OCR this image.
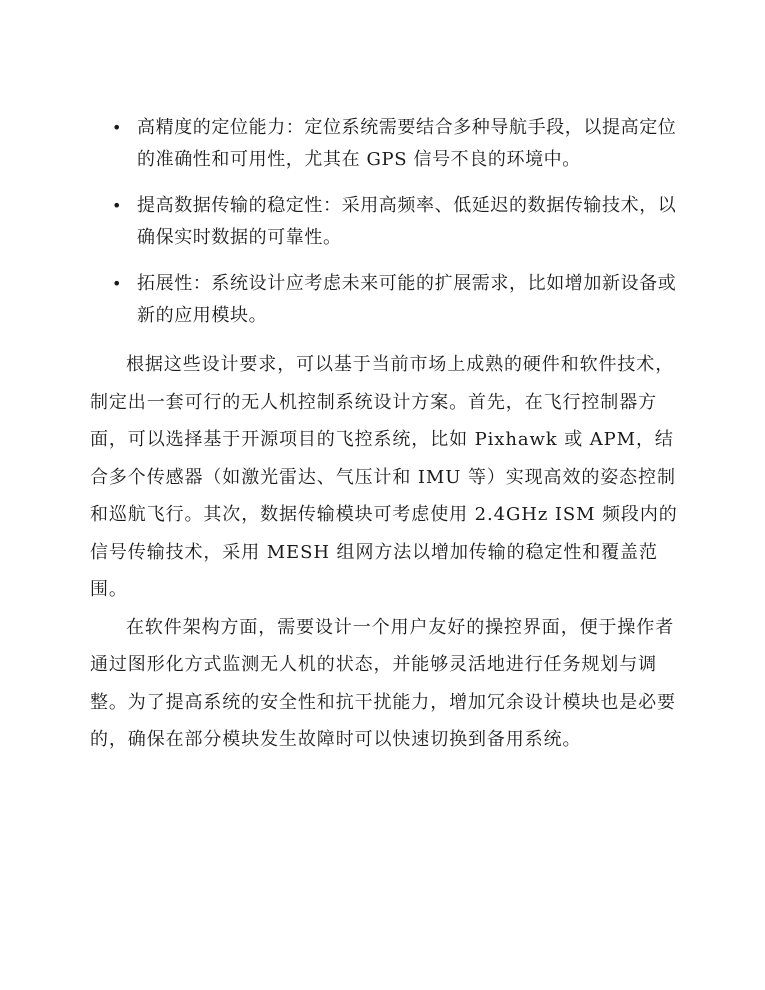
• 高精度的定位能力：定位系统需要结合多种导航手段，以提高定位的准确性和可用性，尤其在 GPS 信号不良的环境中。
• 提高数据传输的稳定性：采用高频率、低延迟的数据传输技术，以确保实时数据的可靠性。
• 拓展性：系统设计应考虑未来可能的扩展需求，比如增加新设备或新的应用模块。

根据这些设计要求，可以基于当前市场上成熟的硬件和软件技术，制定出一套可行的无人机控制系统设计方案。首先，在飞行控制器方面，可以选择基于开源项目的飞控系统，比如 Pixhawk 或 APM，结合多个传感器（如激光雷达、气压计和 IMU 等）实现高效的姿态控制和巡航飞行。其次，数据传输模块可考虑使用 2.4GHz ISM 频段内的信号传输技术，采用 MESH 组网方法以增加传输的稳定性和覆盖范围。

在软件架构方面，需要设计一个用户友好的操控界面，便于操作者通过图形化方式监测无人机的状态，并能够灵活地进行任务规划与调整。为了提高系统的安全性和抗干扰能力，增加冗余设计模块也是必要的，确保在部分模块发生故障时可以快速切换到备用系统。
